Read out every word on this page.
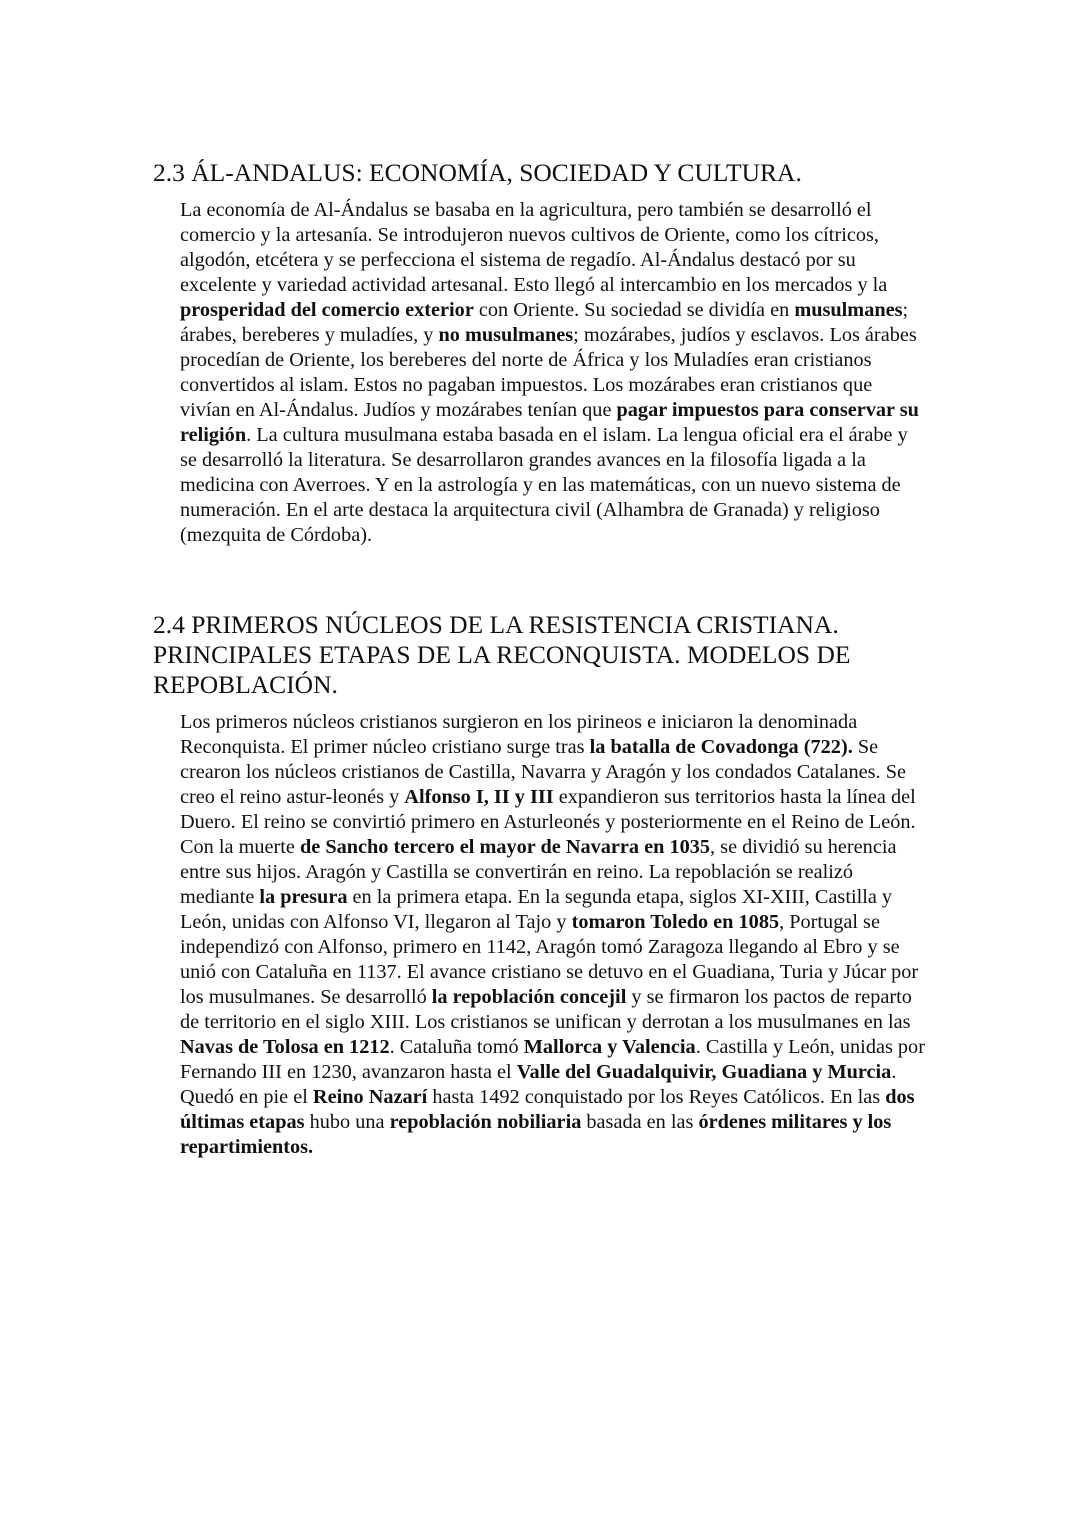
2.3 ÁL-ANDALUS: ECONOMÍA, SOCIEDAD Y CULTURA.

La economía de Al-Ándalus se basaba en la agricultura, pero también se desarrolló el comercio y la artesanía. Se introdujeron nuevos cultivos de Oriente, como los cítricos, algodón, etcétera y se perfecciona el sistema de regadío. Al-Ándalus destacó por su excelente y variedad actividad artesanal. Esto llegó al intercambio en los mercados y la prosperidad del comercio exterior con Oriente. Su sociedad se dividía en musulmanes; árabes, bereberes y muladíes, y no musulmanes; mozárabes, judíos y esclavos. Los árabes procedían de Oriente, los bereberes del norte de África y los Muladíes eran cristianos convertidos al islam. Estos no pagaban impuestos. Los mozárabes eran cristianos que vivían en Al-Ándalus. Judíos y mozárabes tenían que pagar impuestos para conservar su religión. La cultura musulmana estaba basada en el islam. La lengua oficial era el árabe y se desarrolló la literatura. Se desarrollaron grandes avances en la filosofía ligada a la medicina con Averroes. Y en la astrología y en las matemáticas, con un nuevo sistema de numeración. En el arte destaca la arquitectura civil (Alhambra de Granada) y religioso (mezquita de Córdoba).

2.4 PRIMEROS NÚCLEOS DE LA RESISTENCIA CRISTIANA. PRINCIPALES ETAPAS DE LA RECONQUISTA. MODELOS DE REPOBLACIÓN.

Los primeros núcleos cristianos surgieron en los pirineos e iniciaron la denominada Reconquista. El primer núcleo cristiano surge tras la batalla de Covadonga (722). Se crearon los núcleos cristianos de Castilla, Navarra y Aragón y los condados Catalanes. Se creo el reino astur-leonés y Alfonso I, II y III expandieron sus territorios hasta la línea del Duero. El reino se convirtió primero en Asturleonés y posteriormente en el Reino de León. Con la muerte de Sancho tercero el mayor de Navarra en 1035, se dividió su herencia entre sus hijos. Aragón y Castilla se convertirán en reino. La repoblación se realizó mediante la presura en la primera etapa. En la segunda etapa, siglos XI-XIII, Castilla y León, unidas con Alfonso VI, llegaron al Tajo y tomaron Toledo en 1085, Portugal se independizó con Alfonso, primero en 1142, Aragón tomó Zaragoza llegando al Ebro y se unió con Cataluña en 1137. El avance cristiano se detuvo en el Guadiana, Turia y Júcar por los musulmanes. Se desarrolló la repoblación concejil y se firmaron los pactos de reparto de territorio en el siglo XIII. Los cristianos se unifican y derrotan a los musulmanes en las Navas de Tolosa en 1212. Cataluña tomó Mallorca y Valencia. Castilla y León, unidas por Fernando III en 1230, avanzaron hasta el Valle del Guadalquivir, Guadiana y Murcia. Quedó en pie el Reino Nazarí hasta 1492 conquistado por los Reyes Católicos. En las dos últimas etapas hubo una repoblación nobiliaria basada en las órdenes militares y los repartimientos.
